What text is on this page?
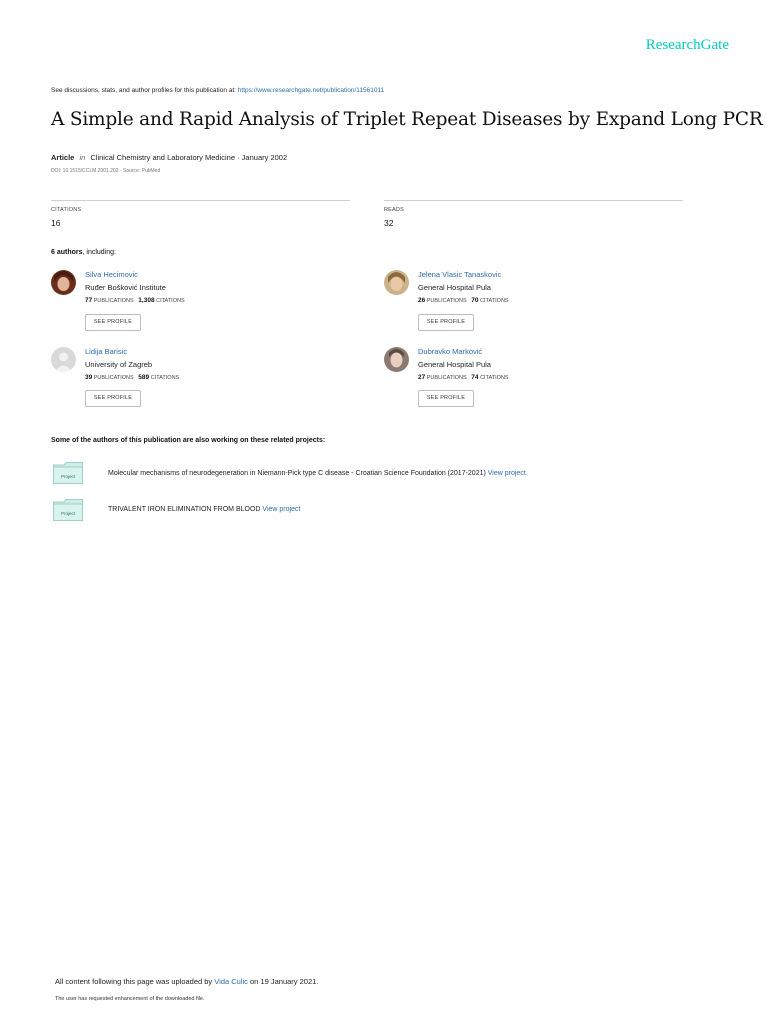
ResearchGate
See discussions, stats, and author profiles for this publication at: https://www.researchgate.net/publication/11561011
A Simple and Rapid Analysis of Triplet Repeat Diseases by Expand Long PCR
Article in Clinical Chemistry and Laboratory Medicine · January 2002
DOI: 10.1515/CCLM.2001.202 · Source: PubMed
CITATIONS
16
READS
32
6 authors, including:
Silva Hecimovic
Ruđer Bošković Institute
77 PUBLICATIONS 1,308 CITATIONS
SEE PROFILE
Jelena Vlasic Tanaskovic
General Hospital Pula
26 PUBLICATIONS 70 CITATIONS
SEE PROFILE
Lidija Barisic
University of Zagreb
39 PUBLICATIONS 589 CITATIONS
SEE PROFILE
Dubravko Marković
General Hospital Pula
27 PUBLICATIONS 74 CITATIONS
SEE PROFILE
Some of the authors of this publication are also working on these related projects:
Project	Molecular mechanisms of neurodegeneration in Niemann-Pick type C disease - Croatian Science Foundation (2017-2021) View project
Project
TRIVALENT IRON ELIMINATION FROM BLOOD View project
All content following this page was uploaded by Vida Culic on 19 January 2021.
The user has requested enhancement of the downloaded file.
